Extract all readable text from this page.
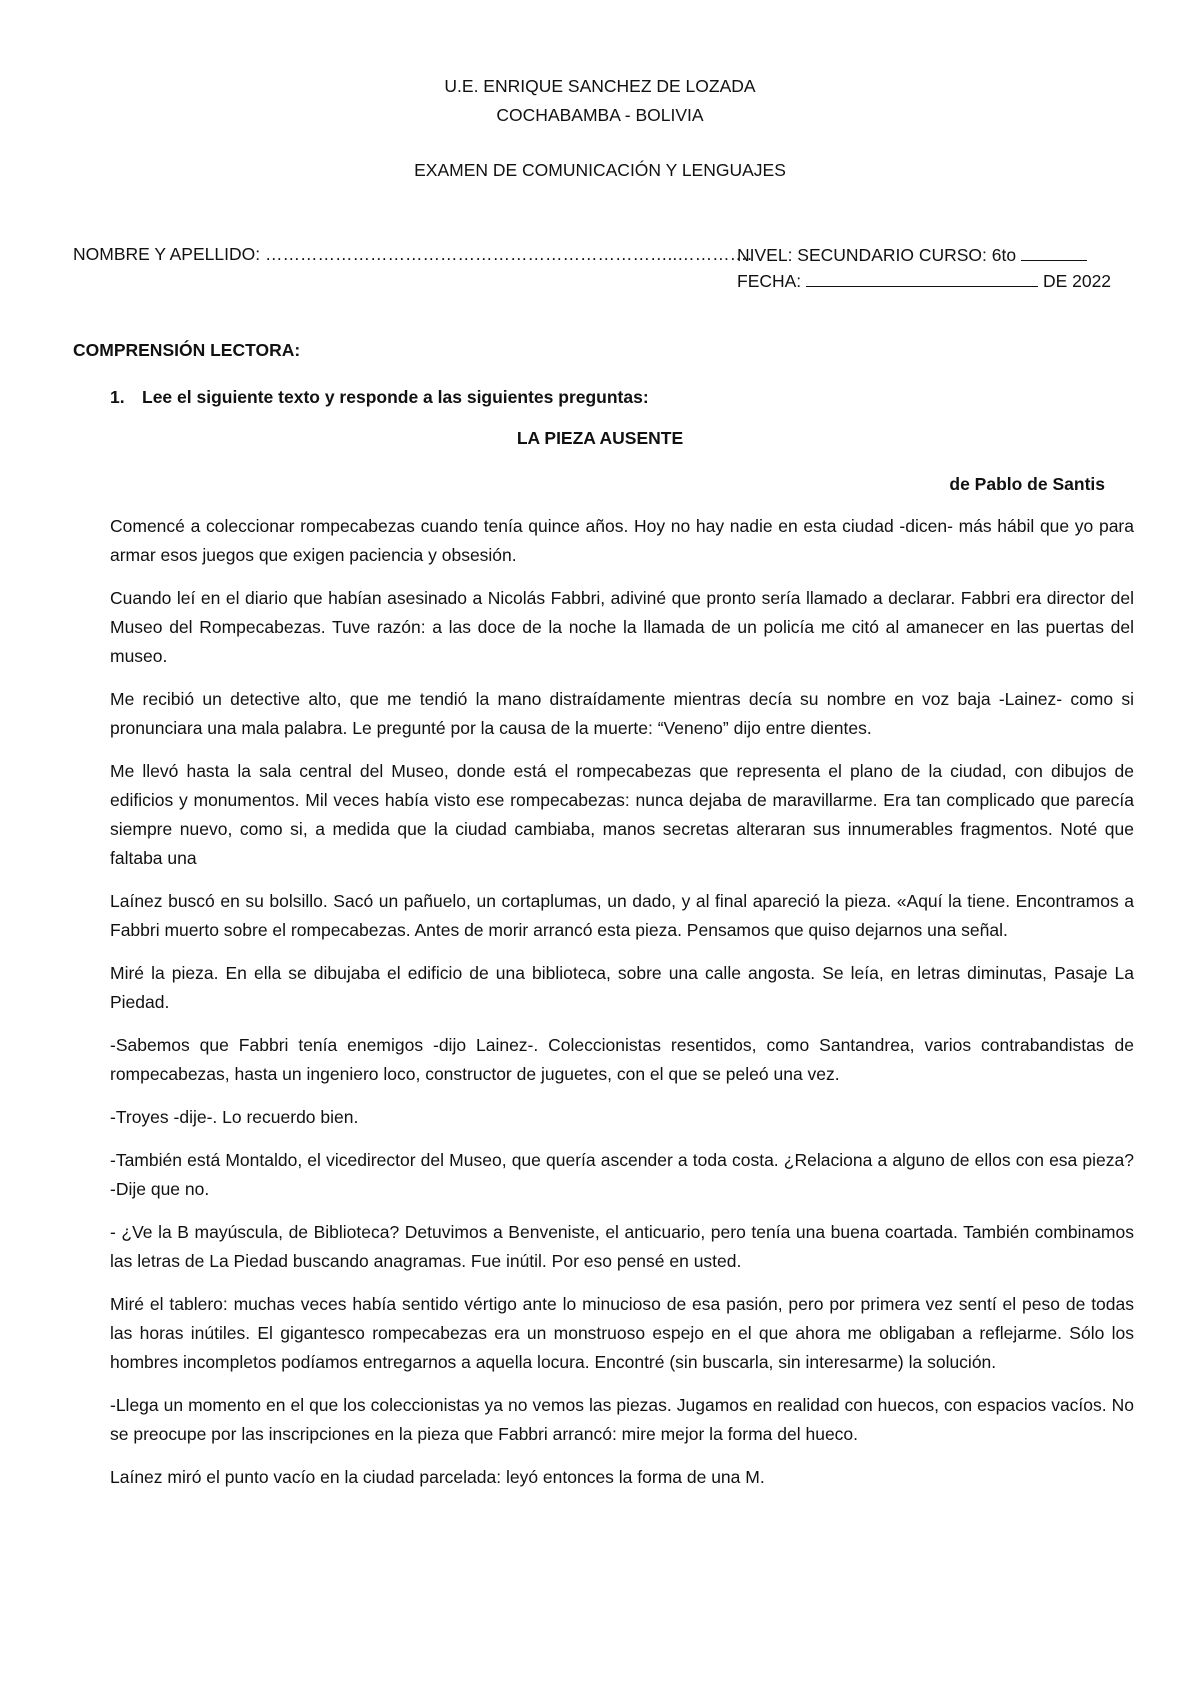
U.E. ENRIQUE SANCHEZ DE LOZADA
COCHABAMBA - BOLIVIA
EXAMEN DE COMUNICACIÓN Y LENGUAJES
NOMBRE Y APELLIDO: ……………………………………………………………..………….
NIVEL: SECUNDARIO CURSO: 6to
FECHA:	DE 2022
COMPRENSIÓN LECTORA:
1. Lee el siguiente texto y responde a las siguientes preguntas:
LA PIEZA AUSENTE
de Pablo de Santis

Comencé a coleccionar rompecabezas cuando tenía quince años. Hoy no hay nadie en esta ciudad -dicen- más hábil que yo para armar esos juegos que exigen paciencia y obsesión.

Cuando leí en el diario que habían asesinado a Nicolás Fabbri, adiviné que pronto sería llamado a declarar. Fabbri era director del Museo del Rompecabezas. Tuve razón: a las doce de la noche la llamada de un policía me citó al amanecer en las puertas del museo.

Me recibió un detective alto, que me tendió la mano distraídamente mientras decía su nombre en voz baja -Lainez- como si pronunciara una mala palabra. Le pregunté por la causa de la muerte: “Veneno” dijo entre dientes.

Me llevó hasta la sala central del Museo, donde está el rompecabezas que representa el plano de la ciudad, con dibujos de edificios y monumentos. Mil veces había visto ese rompecabezas: nunca dejaba de maravillarme. Era tan complicado que parecía siempre nuevo, como si, a medida que la ciudad cambiaba, manos secretas alteraran sus innumerables fragmentos. Noté que faltaba una

Laínez buscó en su bolsillo. Sacó un pañuelo, un cortaplumas, un dado, y al final apareció la pieza. «Aquí la tiene. Encontramos a Fabbri muerto sobre el rompecabezas. Antes de morir arrancó esta pieza. Pensamos que quiso dejarnos una señal.

Miré la pieza. En ella se dibujaba el edificio de una biblioteca, sobre una calle angosta. Se leía, en letras diminutas, Pasaje La Piedad.

-Sabemos que Fabbri tenía enemigos -dijo Lainez-. Coleccionistas resentidos, como Santandrea, varios contrabandistas de rompecabezas, hasta un ingeniero loco, constructor de juguetes, con el que se peleó una vez.

-Troyes -dije-. Lo recuerdo bien.

-También está Montaldo, el vicedirector del Museo, que quería ascender a toda costa. ¿Relaciona a alguno de ellos con esa pieza? -Dije que no.

- ¿Ve la B mayúscula, de Biblioteca? Detuvimos a Benveniste, el anticuario, pero tenía una buena coartada. También combinamos las letras de La Piedad buscando anagramas. Fue inútil. Por eso pensé en usted.

Miré el tablero: muchas veces había sentido vértigo ante lo minucioso de esa pasión, pero por primera vez sentí el peso de todas las horas inútiles. El gigantesco rompecabezas era un monstruoso espejo en el que ahora me obligaban a reflejarme. Sólo los hombres incompletos podíamos entregarnos a aquella locura. Encontré (sin buscarla, sin interesarme) la solución.

-Llega un momento en el que los coleccionistas ya no vemos las piezas. Jugamos en realidad con huecos, con espacios vacíos. No se preocupe por las inscripciones en la pieza que Fabbri arrancó: mire mejor la forma del hueco.

Laínez miró el punto vacío en la ciudad parcelada: leyó entonces la forma de una M.
